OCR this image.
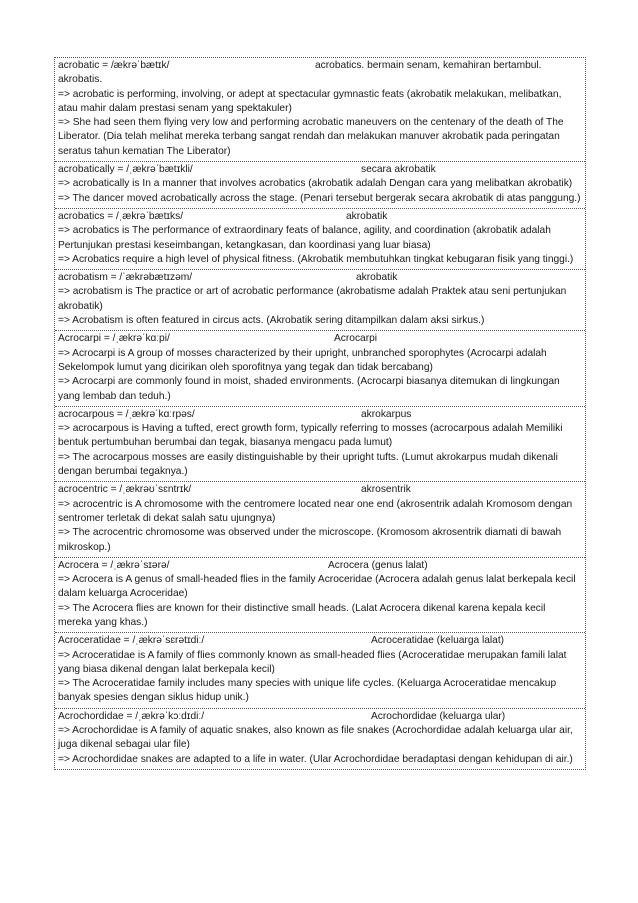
acrobatic = /ækrəˈbætɪk/	acrobatics. bermain senam, kemahiran bertambul.
akrobatis.
=> acrobatic is performing, involving, or adept at spectacular gymnastic feats (akrobatik melakukan, melibatkan, atau mahir dalam prestasi senam yang spektakuler)
=> She had seen them flying very low and performing acrobatic maneuvers on the centenary of the death of The Liberator. (Dia telah melihat mereka terbang sangat rendah dan melakukan manuver akrobatik pada peringatan seratus tahun kematian The Liberator)
acrobatically = /ˌækrəˈbætɪkli/	secara akrobatik
=> acrobatically is In a manner that involves acrobatics (akrobatik adalah Dengan cara yang melibatkan akrobatik)
=> The dancer moved acrobatically across the stage. (Penari tersebut bergerak secara akrobatik di atas panggung.)
acrobatics = /ˌækrəˈbætɪks/	akrobatik
=> acrobatics is The performance of extraordinary feats of balance, agility, and coordination (akrobatik adalah Pertunjukan prestasi keseimbangan, ketangkasan, dan koordinasi yang luar biasa)
=> Acrobatics require a high level of physical fitness. (Akrobatik membutuhkan tingkat kebugaran fisik yang tinggi.)
acrobatism = /ˈækrəbætɪzəm/	akrobatik
=> acrobatism is The practice or art of acrobatic performance (akrobatisme adalah Praktek atau seni pertunjukan akrobatik)
=> Acrobatism is often featured in circus acts. (Akrobatik sering ditampilkan dalam aksi sirkus.)
Acrocarpi = /ˌækrəˈkɑːpi/	Acrocarpi
=> Acrocarpi is A group of mosses characterized by their upright, unbranched sporophytes (Acrocarpi adalah Sekelompok lumut yang dicirikan oleh sporofitnya yang tegak dan tidak bercabang)
=> Acrocarpi are commonly found in moist, shaded environments. (Acrocarpi biasanya ditemukan di lingkungan yang lembab dan teduh.)
acrocarpous = /ˌækrəˈkɑːrpəs/	akrokarpus
=> acrocarpous is Having a tufted, erect growth form, typically referring to mosses (acrocarpous adalah Memiliki bentuk pertumbuhan berumbai dan tegak, biasanya mengacu pada lumut)
=> The acrocarpous mosses are easily distinguishable by their upright tufts. (Lumut akrokarpus mudah dikenali dengan berumbai tegaknya.)
acrocentric = /ˌækrəʊˈsɛntrɪk/	akrosentrik
=> acrocentric is A chromosome with the centromere located near one end (akrosentrik adalah Kromosom dengan sentromer terletak di dekat salah satu ujungnya)
=> The acrocentric chromosome was observed under the microscope. (Kromosom akrosentrik diamati di bawah mikroskop.)
Acrocera = /ˌækrəˈsɪərə/	Acrocera (genus lalat)
=> Acrocera is A genus of small-headed flies in the family Acroceridae (Acrocera adalah genus lalat berkepala kecil dalam keluarga Acroceridae)
=> The Acrocera flies are known for their distinctive small heads. (Lalat Acrocera dikenal karena kepala kecil mereka yang khas.)
Acroceratidae = /ˌækrəˈsɛrətɪdiː/	Acroceratidae (keluarga lalat)
=> Acroceratidae is A family of flies commonly known as small-headed flies (Acroceratidae merupakan famili lalat yang biasa dikenal dengan lalat berkepala kecil)
=> The Acroceratidae family includes many species with unique life cycles. (Keluarga Acroceratidae mencakup banyak spesies dengan siklus hidup unik.)
Acrochordidae = /ˌækrəˈkɔːdɪdiː/	Acrochordidae (keluarga ular)
=> Acrochordidae is A family of aquatic snakes, also known as file snakes (Acrochordidae adalah keluarga ular air, juga dikenal sebagai ular file)
=> Acrochordidae snakes are adapted to a life in water. (Ular Acrochordidae beradaptasi dengan kehidupan di air.)
